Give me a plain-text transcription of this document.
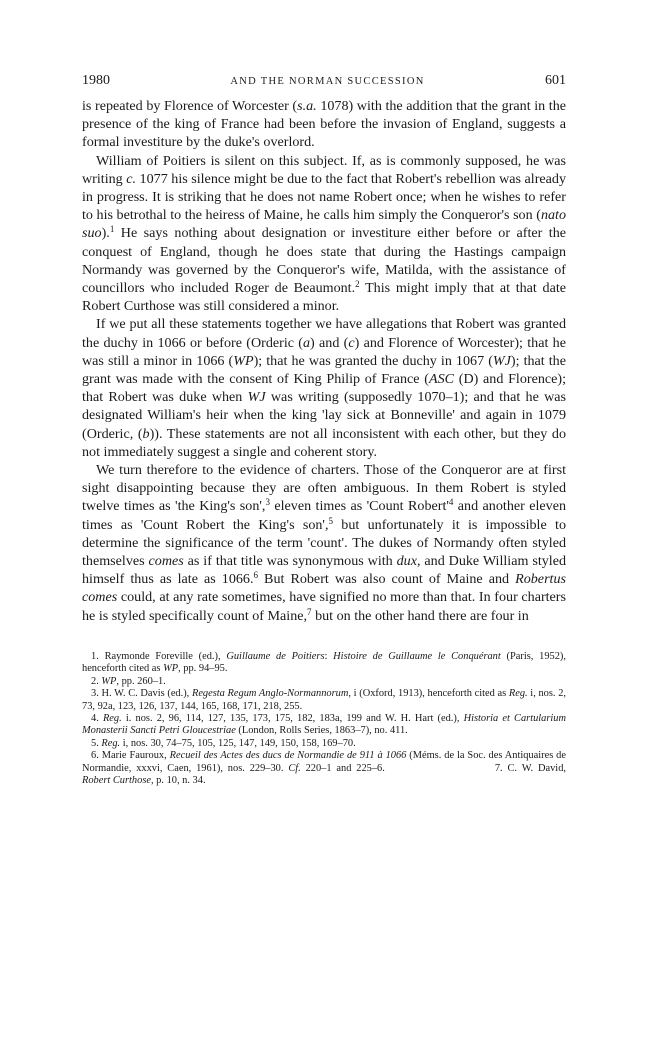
1980	AND THE NORMAN SUCCESSION	601

is repeated by Florence of Worcester (s.a. 1078) with the addition that the grant in the presence of the king of France had been before the invasion of England, suggests a formal investiture by the duke's overlord.

William of Poitiers is silent on this subject. If, as is commonly supposed, he was writing c. 1077 his silence might be due to the fact that Robert's rebellion was already in progress. It is striking that he does not name Robert once; when he wishes to refer to his betrothal to the heiress of Maine, he calls him simply the Conqueror's son (nato suo).$^1$ He says nothing about designation or investiture either before or after the conquest of England, though he does state that during the Hastings campaign Normandy was governed by the Conqueror's wife, Matilda, with the assistance of councillors who included Roger de Beaumont.$^2$ This might imply that at that date Robert Curthose was still considered a minor.

If we put all these statements together we have allegations that Robert was granted the duchy in 1066 or before (Orderic (a) and (c) and Florence of Worcester); that he was still a minor in 1066 (WP); that he was granted the duchy in 1067 (WJ); that the grant was made with the consent of King Philip of France (ASC (D) and Florence); that Robert was duke when WJ was writing (supposedly 1070–1); and that he was designated William's heir when the king 'lay sick at Bonneville' and again in 1079 (Orderic, (b)). These statements are not all inconsistent with each other, but they do not immediately suggest a single and coherent story.

We turn therefore to the evidence of charters. Those of the Conqueror are at first sight disappointing because they are often ambiguous. In them Robert is styled twelve times as 'the King's son',$^3$ eleven times as 'Count $Robert'^4$ and another eleven times as 'Count Robert the King's son',$^5$ but unfortunately it is impossible to determine the significance of the term 'count'. The dukes of Normandy often styled themselves comes as if that title was synonymous with dux, and Duke William styled himself thus as late as 1066.$^6$ But Robert was also count of Maine and Robertus comes could, at any rate sometimes, have signified no more than that. In four charters he is styled specifically count of Maine,$^7$ but on the other hand there are four in

1. Raymonde Foreville (ed.), Guillaume de Poitiers: Histoire de Guillaume le Conquérant (Paris, 1952), henceforth cited as WP, pp. 94–95.

2. WP, pp. 260–1.

3. H. W. C. Davis (ed.), Regesta Regum Anglo-Normannorum, i (Oxford, 1913), henceforth cited as Reg. i, nos. 2, 73, 92a, 123, 126, 137, 144, 165, 168, 171, 218, 255.

4. Reg. i. nos. 2, 96, 114, 127, 135, 173, 175, 182, 183a, 199 and W. H. Hart (ed.), Historia et Cartularium Monasterii Sancti Petri Gloucestriae (London, Rolls Series, 1863–7), no. 411.

5. Reg. i, nos. 30, 74–75, 105, 125, 147, 149, 150, 158, 169–70.

6. Marie Fauroux, Recueil des Actes des ducs de Normandie de 911 à 1066 (Méms. de la Soc. des Antiquaires de Normandie, xxxvi, Caen, 1961), nos. 229–30. Cf. 220–1 and 225–6.	7. C. W. David, Robert Curthose, p. 10, n. 34.
